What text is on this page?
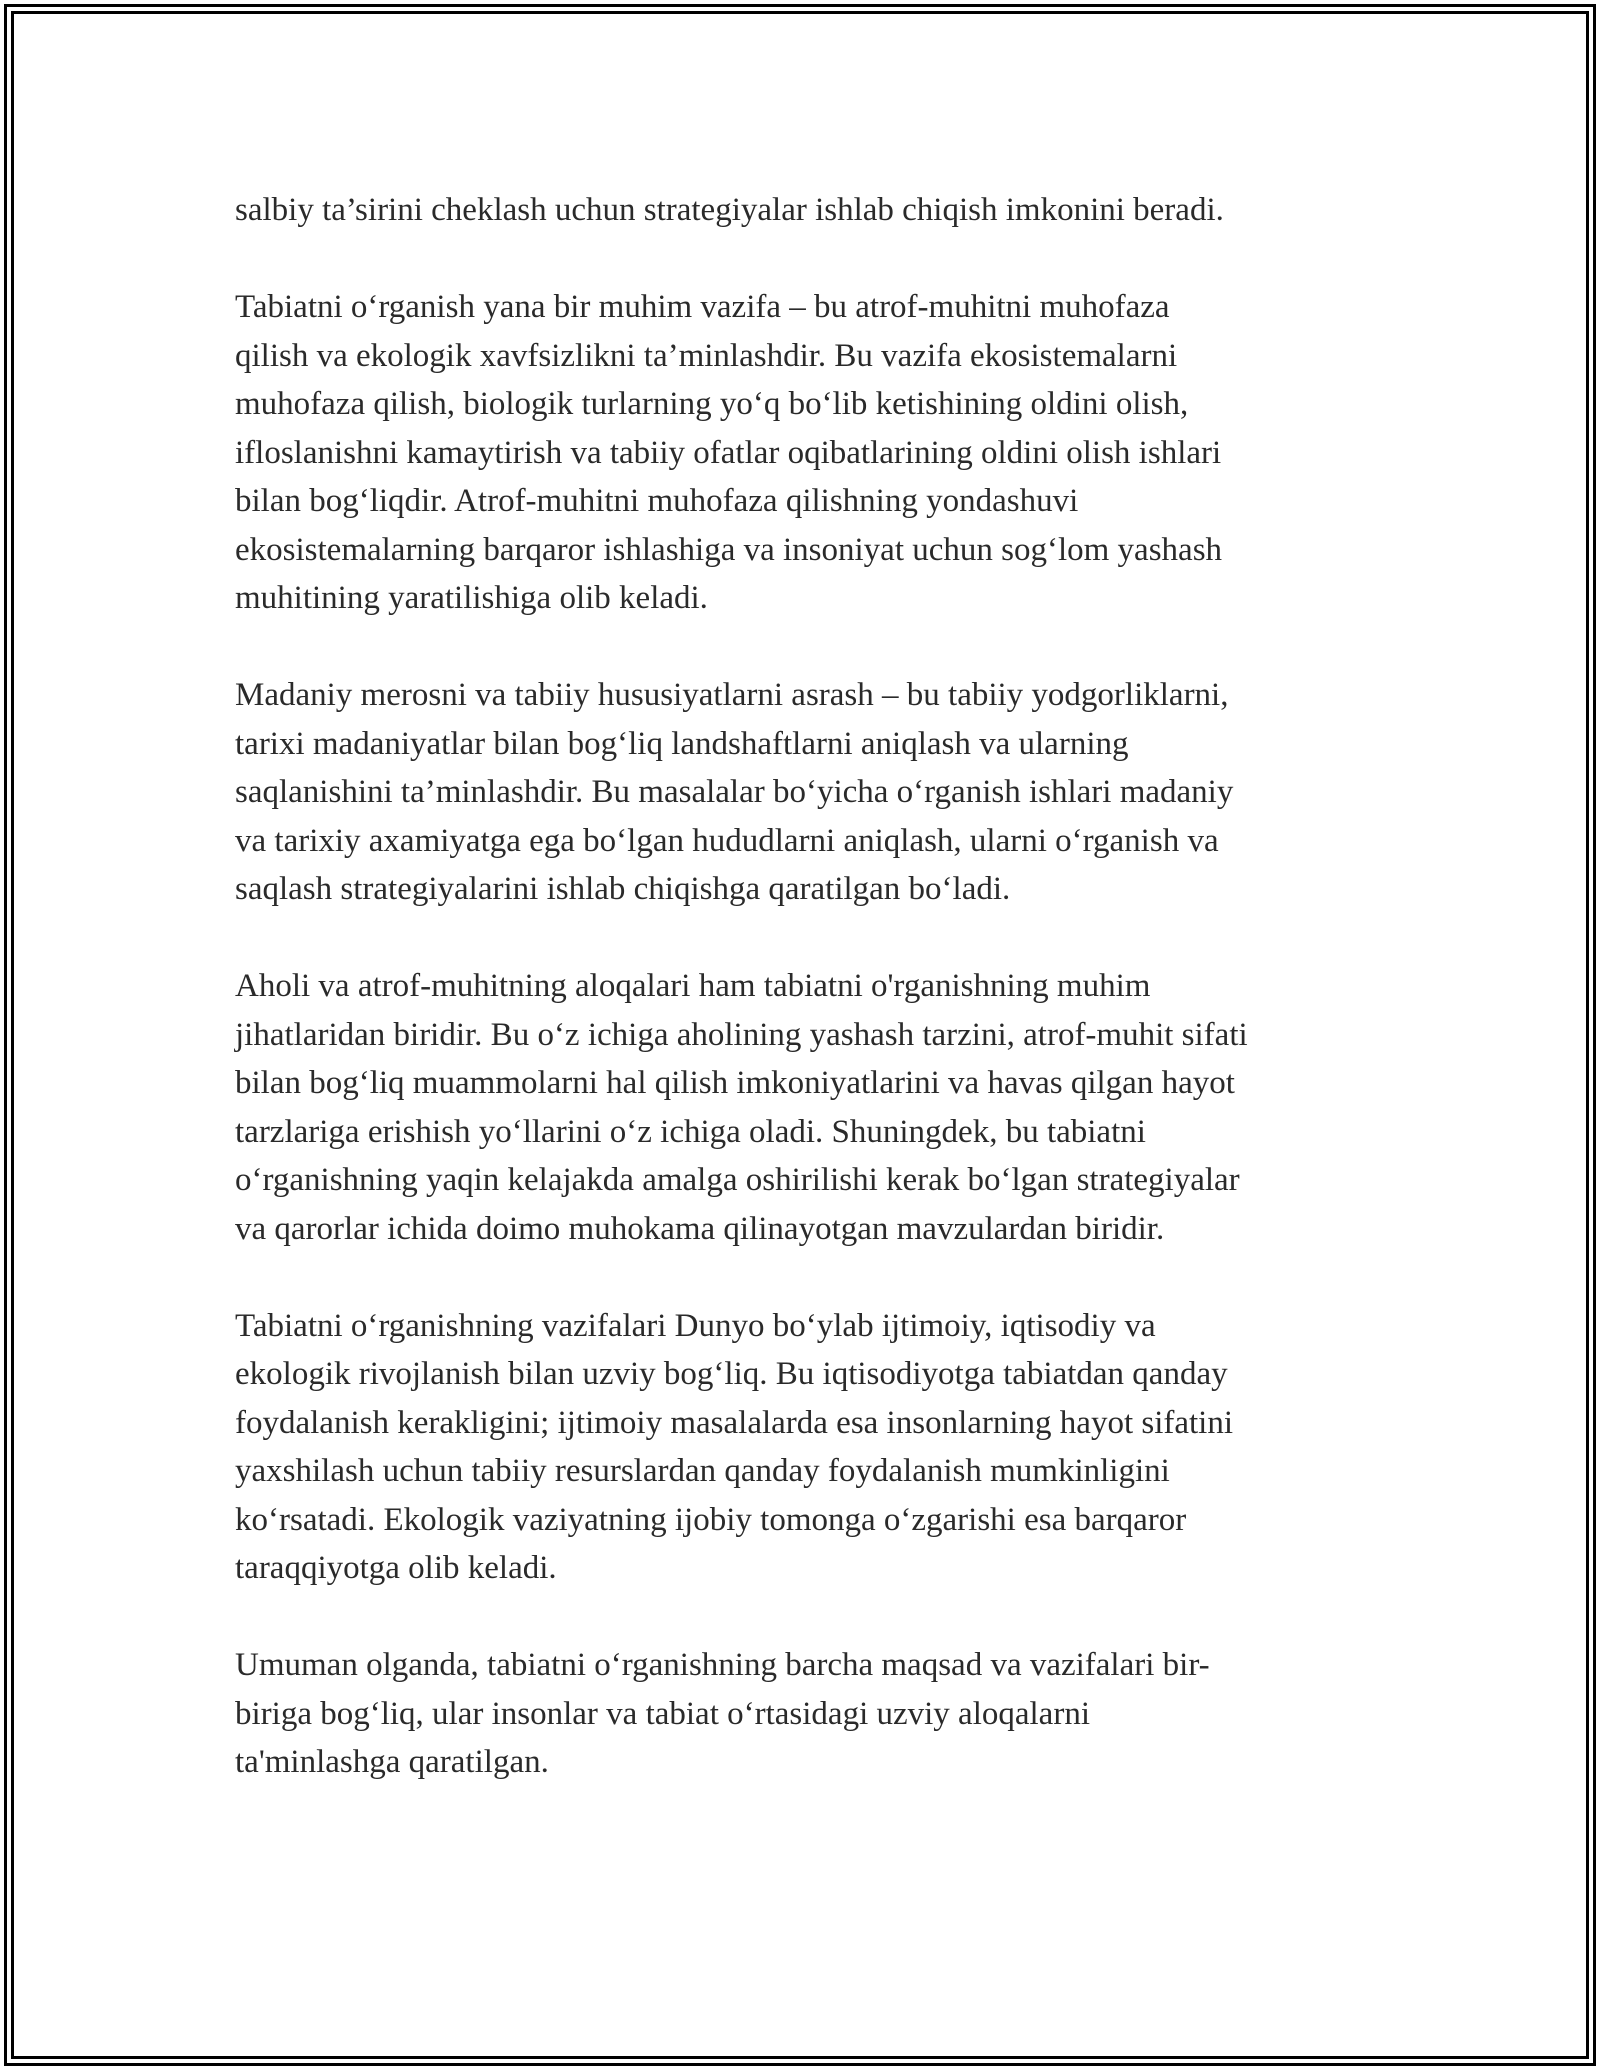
salbiy ta’sirini cheklash uchun strategiyalar ishlab chiqish imkonini beradi.

Tabiatni o‘rganish yana bir muhim vazifa – bu atrof-muhitni muhofaza
qilish va ekologik xavfsizlikni ta’minlashdir. Bu vazifa ekosistemalarni
muhofaza qilish, biologik turlarning yo‘q bo‘lib ketishining oldini olish,
ifloslanishni kamaytirish va tabiiy ofatlar oqibatlarining oldini olish ishlari
bilan bog‘liqdir. Atrof-muhitni muhofaza qilishning yondashuvi
ekosistemalarning barqaror ishlashiga va insoniyat uchun sog‘lom yashash
muhitining yaratilishiga olib keladi.

Madaniy merosni va tabiiy hususiyatlarni asrash – bu tabiiy yodgorliklarni,
tarixi madaniyatlar bilan bog‘liq landshaftlarni aniqlash va ularning
saqlanishini ta’minlashdir. Bu masalalar bo‘yicha o‘rganish ishlari madaniy
va tarixiy axamiyatga ega bo‘lgan hududlarni aniqlash, ularni o‘rganish va
saqlash strategiyalarini ishlab chiqishga qaratilgan bo‘ladi.

Aholi va atrof-muhitning aloqalari ham tabiatni o'rganishning muhim
jihatlaridan biridir. Bu o‘z ichiga aholining yashash tarzini, atrof-muhit sifati
bilan bog‘liq muammolarni hal qilish imkoniyatlarini va havas qilgan hayot
tarzlariga erishish yo‘llarini o‘z ichiga oladi. Shuningdek, bu tabiatni
o‘rganishning yaqin kelajakda amalga oshirilishi kerak bo‘lgan strategiyalar
va qarorlar ichida doimo muhokama qilinayotgan mavzulardan biridir.

Tabiatni o‘rganishning vazifalari Dunyo bo‘ylab ijtimoiy, iqtisodiy va
ekologik rivojlanish bilan uzviy bog‘liq. Bu iqtisodiyotga tabiatdan qanday
foydalanish kerakligini; ijtimoiy masalalarda esa insonlarning hayot sifatini
yaxshilash uchun tabiiy resurslardan qanday foydalanish mumkinligini
ko‘rsatadi. Ekologik vaziyatning ijobiy tomonga o‘zgarishi esa barqaror
taraqqiyotga olib keladi.

Umuman olganda, tabiatni o‘rganishning barcha maqsad va vazifalari bir-
biriga bog‘liq, ular insonlar va tabiat o‘rtasidagi uzviy aloqalarni
ta'minlashga qaratilgan.
